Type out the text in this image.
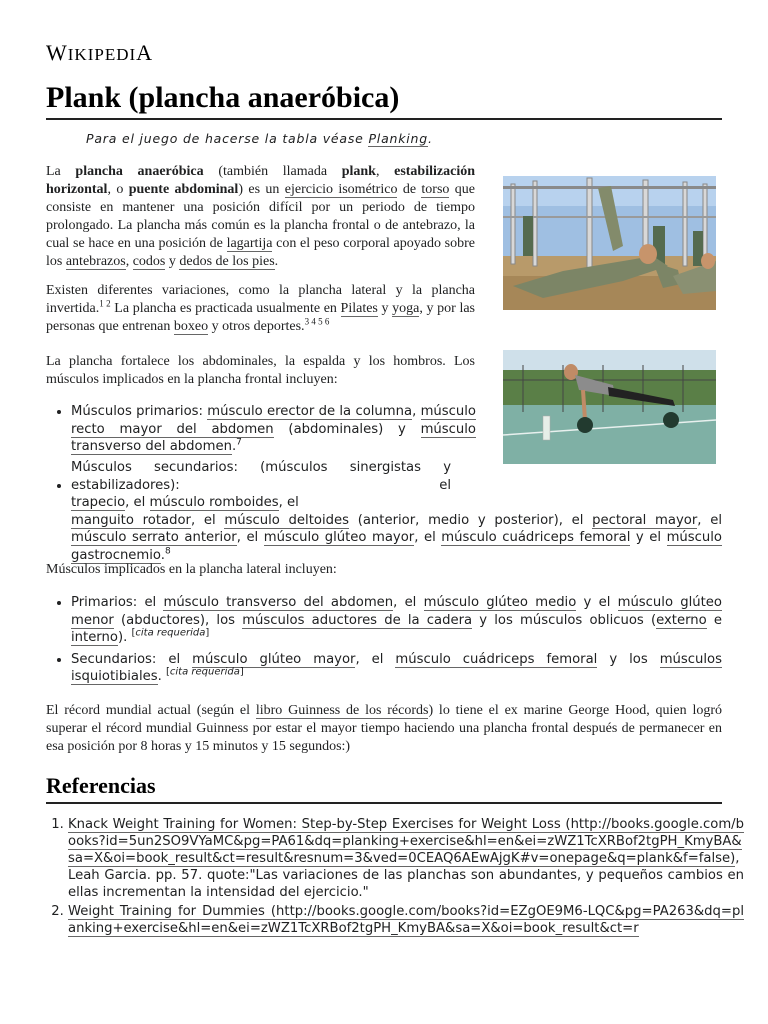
WIKIPEDIA
Plank (plancha anaeróbica)
Para el juego de hacerse la tabla véase Planking.

La plancha anaeróbica (también llamada plank, estabilización horizontal, o puente abdominal) es un ejercicio isométrico de torso que consiste en mantener una posición difícil por un periodo de tiempo prolongado. La plancha más común es la plancha frontal o de antebrazo, la cual se hace en una posición de lagartija con el peso corporal apoyado sobre los antebrazos, codos y dedos de los pies.

Existen diferentes variaciones, como la plancha lateral y la plancha invertida.$^{1 2}$ La plancha es practicada usualmente en Pilates y yoga, y por las personas que entrenan boxeo y otros deportes.$^{3 4 5 6}$

La plancha fortalece los abdominales, la espalda y los hombros. Los músculos implicados en la plancha frontal incluyen:

• Músculos primarios: músculo erector de la columna, músculo recto mayor del abdomen (abdominales) y músculo transverso del abdomen.$^7$
• Músculos secundarios: (músculos sinergistas y estabilizadores): el
trapecio, el músculo romboides, el
manguito rotador, el músculo deltoides (anterior, medio y posterior), el pectoral mayor, el músculo serrato anterior, el músculo glúteo mayor, el músculo cuádriceps femoral y el músculo gastrocnemio.$^8$

Músculos implicados en la plancha lateral incluyen:

• Primarios: el músculo transverso del abdomen, el músculo glúteo medio y el músculo glúteo menor (abductores), los músculos aductores de la cadera y los músculos oblicuos (externo e interno). [cita requerida]
• Secundarios: el músculo glúteo mayor, el músculo cuádriceps femoral y los músculos isquiotibiales. [cita requerida]

El récord mundial actual (según el libro Guinness de los récords) lo tiene el ex marine George Hood, quien logró superar el récord mundial Guinness por estar el mayor tiempo haciendo una plancha frontal después de permanecer en esa posición por 8 horas y 15 minutos y 15 segundos:)

Referencias
1. Knack Weight Training for Women: Step-by-Step Exercises for Weight Loss (http://books.google.com/books?id=5un2SO9VYaMC&pg=PA61&dq=planking+exercise&hl=en&ei=zWZ1TcXRBof2tgPH_KmyBA&sa=X&oi=book_result&ct=result&resnum=3&ved=0CEAQ6AEwAjgK#v=onepage&q=plank&f=false), Leah Garcia. pp. 57. quote:"Las variaciones de las planchas son abundantes, y pequeños cambios en ellas incrementan la intensidad del ejercicio."
2. Weight Training for Dummies (http://books.google.com/books?id=EZgOE9M6-LQC&pg=PA263&dq=planking+exercise&hl=en&ei=zWZ1TcXRBof2tgPH_KmyBA&sa=X&oi=book_result&ct=r
